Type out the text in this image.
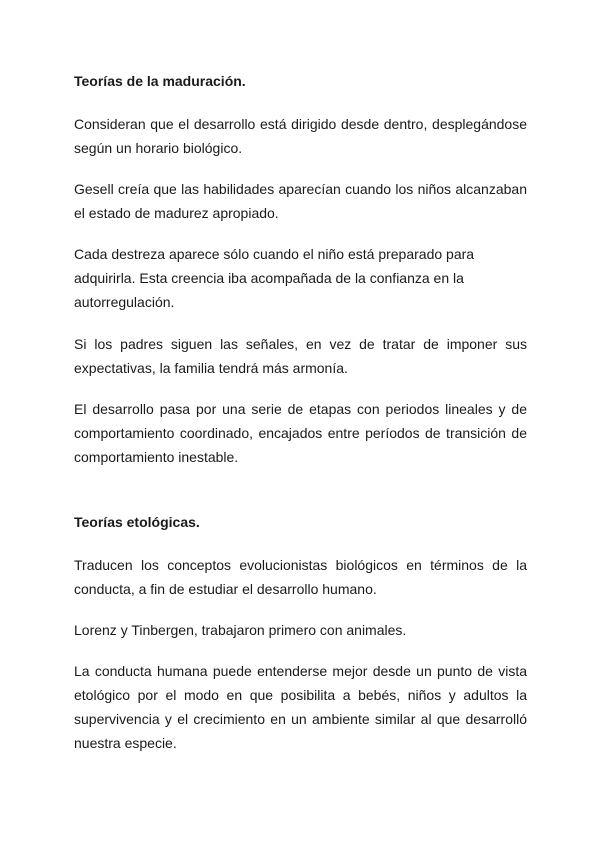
Teorías de la maduración.

Consideran que el desarrollo está dirigido desde dentro, desplegándose según un horario biológico.

Gesell creía que las habilidades aparecían cuando los niños alcanzaban el estado de madurez apropiado.

Cada destreza aparece sólo cuando el niño está preparado para adquirirla. Esta creencia iba acompañada de la confianza en la autorregulación.

Si los padres siguen las señales, en vez de tratar de imponer sus expectativas, la familia tendrá más armonía.

El desarrollo pasa por una serie de etapas con periodos lineales y de comportamiento coordinado, encajados entre períodos de transición de comportamiento inestable.

Teorías etológicas.

Traducen los conceptos evolucionistas biológicos en términos de la conducta, a fin de estudiar el desarrollo humano.

Lorenz y Tinbergen, trabajaron primero con animales.

La conducta humana puede entenderse mejor desde un punto de vista etológico por el modo en que posibilita a bebés, niños y adultos la supervivencia y el crecimiento en un ambiente similar al que desarrolló nuestra especie.
